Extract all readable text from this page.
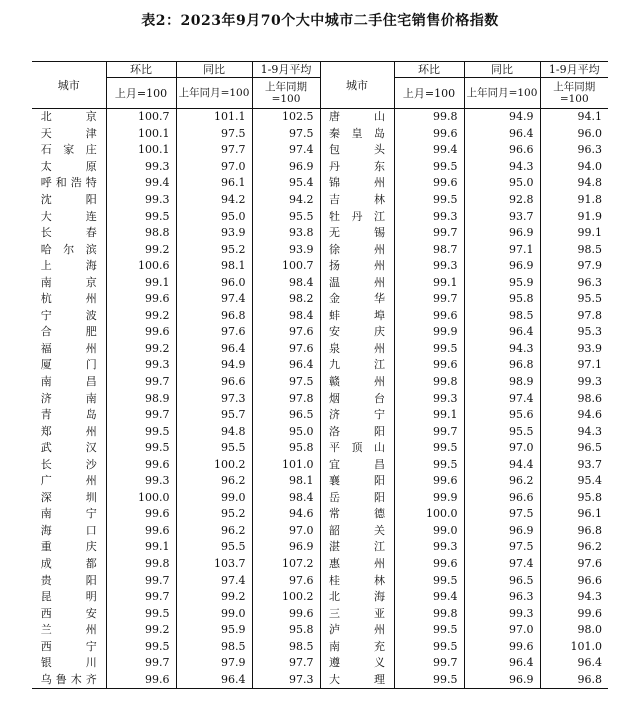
表2：2023年9月70个大中城市二手住宅销售价格指数
城市	环比	同比	1-9月平均	城市	环比	同比	1-9月平均
	上月=100	上年同月=100	上年同期=100		上月=100	上年同月=100	上年同期=100
北京	100.7	101.1	102.5	唐山	99.8	94.9	94.1
天津	100.1	97.5	97.5	秦皇岛	99.6	96.4	96.0
石家庄	100.1	97.7	97.4	包头	99.4	96.6	96.3
太原	99.3	97.0	96.9	丹东	99.5	94.3	94.0
呼和浩特	99.4	96.1	95.4	锦州	99.6	95.0	94.8
沈阳	99.3	94.2	94.2	吉林	99.5	92.8	91.8
大连	99.5	95.0	95.5	牡丹江	99.3	93.7	91.9
长春	98.8	93.9	93.8	无锡	99.7	96.9	99.1
哈尔滨	99.2	95.2	93.9	徐州	98.7	97.1	98.5
上海	100.6	98.1	100.7	扬州	99.3	96.9	97.9
南京	99.1	96.0	98.4	温州	99.1	95.9	96.3
杭州	99.6	97.4	98.2	金华	99.7	95.8	95.5
宁波	99.2	96.8	98.4	蚌埠	99.6	98.5	97.8
合肥	99.6	97.6	97.6	安庆	99.9	96.4	95.3
福州	99.2	96.4	97.6	泉州	99.5	94.3	93.9
厦门	99.3	94.9	96.4	九江	99.6	96.8	97.1
南昌	99.7	96.6	97.5	赣州	99.8	98.9	99.3
济南	98.9	97.3	97.8	烟台	99.3	97.4	98.6
青岛	99.7	95.7	96.5	济宁	99.1	95.6	94.6
郑州	99.5	94.8	95.0	洛阳	99.7	95.5	94.3
武汉	99.5	95.5	95.8	平顶山	99.5	97.0	96.5
长沙	99.6	100.2	101.0	宜昌	99.5	94.4	93.7
广州	99.3	96.2	98.1	襄阳	99.6	96.2	95.4
深圳	100.0	99.0	98.4	岳阳	99.9	96.6	95.8
南宁	99.6	95.2	94.6	常德	100.0	97.5	96.1
海口	99.6	96.2	97.0	韶关	99.0	96.9	96.8
重庆	99.1	95.5	96.9	湛江	99.3	97.5	96.2
成都	99.8	103.7	107.2	惠州	99.6	97.4	97.6
贵阳	99.7	97.4	97.6	桂林	99.5	96.5	96.6
昆明	99.7	99.2	100.2	北海	99.4	96.3	94.3
西安	99.5	99.0	99.6	三亚	99.8	99.3	99.6
兰州	99.2	95.9	95.8	泸州	99.5	97.0	98.0
西宁	99.5	98.5	98.5	南充	99.5	99.6	101.0
银川	99.7	97.9	97.7	遵义	99.7	96.4	96.4
乌鲁木齐	99.6	96.4	97.3	大理	99.5	96.9	96.8
